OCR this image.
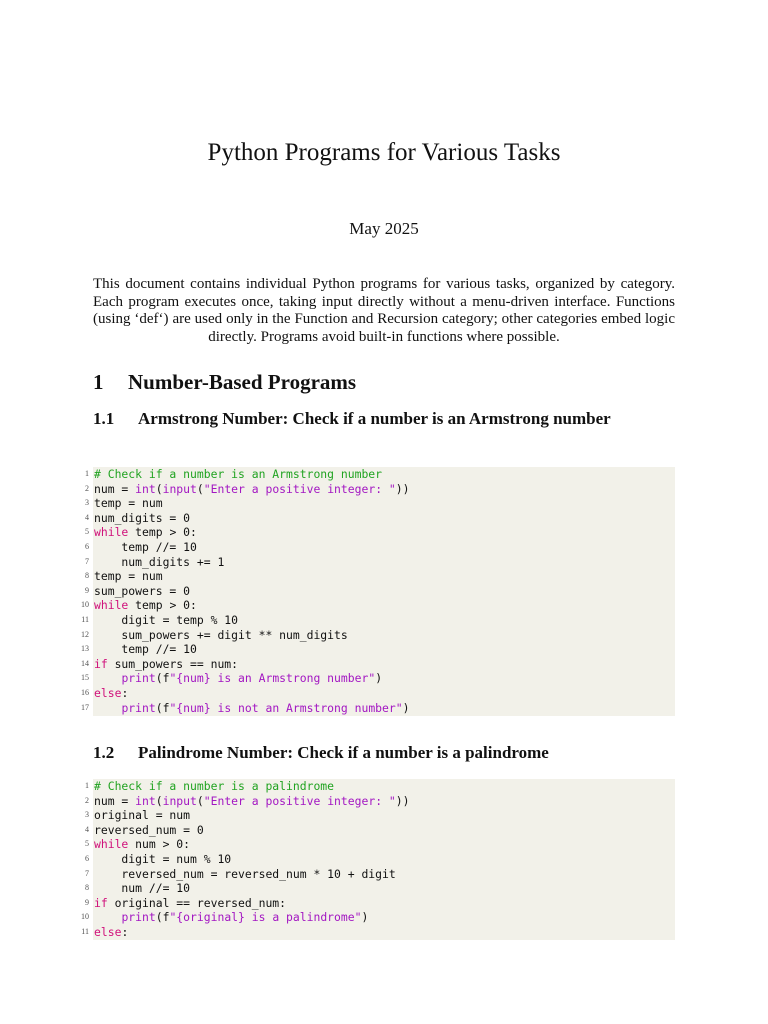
Python Programs for Various Tasks
May 2025

This document contains individual Python programs for various tasks, organized by category. Each program executes once, taking input directly without a menu-driven interface. Functions (using ‘def‘) are used only in the Function and Recursion category; other categories embed logic directly. Programs avoid built-in functions where possible.

1 Number-Based Programs
1.1 Armstrong Number: Check if a number is an Armstrong number
1 # Check if a number is an Armstrong number
2 num = int(input("Enter a positive integer: "))
3 temp = num
4 num_digits = 0
5 while temp > 0:
6 temp //= 10
7 num_digits += 1
8 temp = num
9 sum_powers = 0
10 while temp > 0:
11 digit = temp % 10
12 sum_powers += digit ** num_digits
13 temp //= 10
14 if sum_powers == num:
15	print(f"{num} is an Armstrong number")
16 else:
17	print(f"{num} is not an Armstrong number")
1.2 Palindrome Number: Check if a number is a palindrome
1 # Check if a number is a palindrome
2 num = int(input("Enter a positive integer: "))
3 original = num
4 reversed_num = 0
5 while num > 0:
6 digit = num % 10
7 reversed_num = reversed_num * 10 + digit
8 num //= 10
9 if original == reversed_num:
10	print(f"{original} is a palindrome")
11 else:
